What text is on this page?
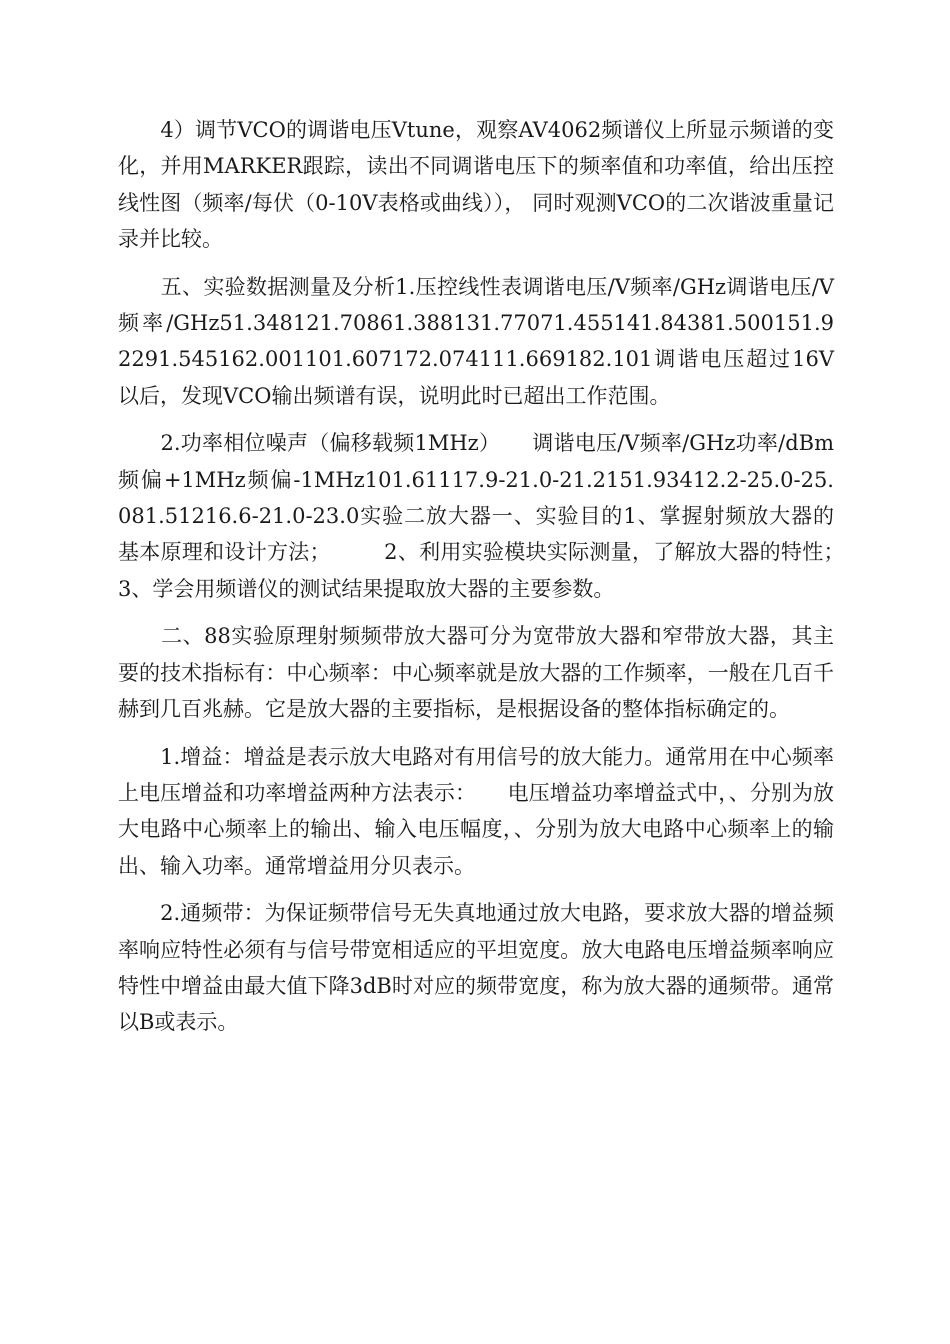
　　4）调节VCO的调谐电压Vtune，观察AV4062频谱仪上所显示频谱的变化，并用MARKER跟踪，读出不同调谐电压下的频率值和功率值，给出压控线性图（频率/每伏（0-10V表格或曲线））， 同时观测VCO的二次谐波重量记录并比较。

　　五、实验数据测量及分析1.压控线性表调谐电压/V频率/GHz调谐电压/V频率/GHz51.348121.70861.388131.77071.455141.84381.500151.92291.545162.001101.607172.074111.669182.101调谐电压超过16V以后，发现VCO输出频谱有误，说明此时已超出工作范围。

　　2.功率相位噪声（偏移载频1MHz）　　调谐电压/V频率/GHz功率/dBm频偏+1MHz频偏-1MHz101.61117.9-21.0-21.2151.93412.2-25.0-25.081.51216.6-21.0-23.0实验二放大器一、实验目的1、掌握射频放大器的基本原理和设计方法；　　　2、利用实验模块实际测量，了解放大器的特性；　　　3、学会用频谱仪的测试结果提取放大器的主要参数。

　　二、88实验原理射频频带放大器可分为宽带放大器和窄带放大器，其主要的技术指标有：中心频率：中心频率就是放大器的工作频率，一般在几百千赫到几百兆赫。它是放大器的主要指标，是根据设备的整体指标确定的。

　　1.增益：增益是表示放大电路对有用信号的放大能力。通常用在中心频率上电压增益和功率增益两种方法表示：　　电压增益功率增益式中，、分别为放大电路中心频率上的输出、输入电压幅度，、分别为放大电路中心频率上的输出、输入功率。通常增益用分贝表示。

　　2.通频带：为保证频带信号无失真地通过放大电路，要求放大器的增益频率响应特性必须有与信号带宽相适应的平坦宽度。放大电路电压增益频率响应特性中增益由最大值下降3dB时对应的频带宽度，称为放大器的通频带。通常以B或表示。
